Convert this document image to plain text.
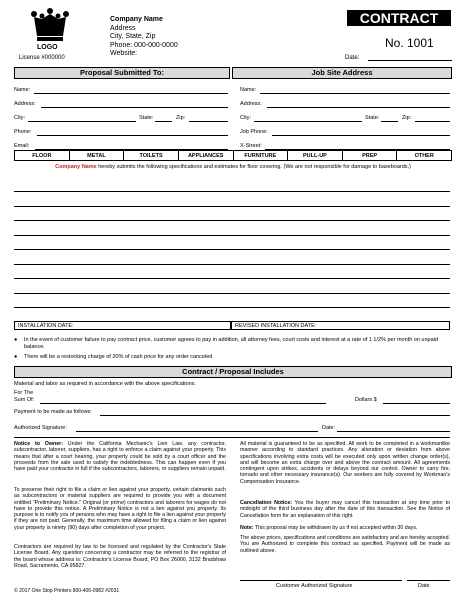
LOGO
License #000000
Company Name
Address
City, State, Zip
Phone: 000-000-0000
Website:
CONTRACT
No. 1001
Date:
Proposal Submitted To:	Job Site Address
Name:
Address:
City:	State:	Zip:
Phone:
Email:
Name:
Address:
City:	State:	Zip:
Job Phone:
X-Street:
FLOOR	METAL	TOILETS	APPLIANCES	FURNITURE	PULL-UP	PREP	OTHER
Company Name hereby submits the following specifications and estimates for floor covering. (We are not responsible for damage to baseboards.)
INSTALLATION DATE:	REVISED INSTALLATION DATE:
● In the event of customer failure to pay contract price, customer agrees to pay in addition, all attorney fees, court costs and interest at a rate of 1 1/2% per month on unpaid balance.
● There will be a restocking charge of 20% of cash price for any order canceled
Contract / Proposal Includes
Material and labor as required in accordance with the above specifications.
For The
Sum Of:	Dollars $
Payment to be made as follows:
Authorized Signature:	Date:
Notice to Owner: Under the California Mechanic's Lien Law, any contractor, subcontractor, laborer, suppliers, has a right to enforce a claim against your property. This means that after a court hearing, your property could be sold by a court officer and the proceeds from the sale used to satisfy the indebtedness. This can happen even if you have paid your contractor in full if the subcontractors, laborers, or suppliers remain unpaid.
To preserve their right to file a claim or lien against your property, certain claimants such as subcontractors or material suppliers are required to provide you with a document entitled "Preliminary Notice." Original (or prime) contractors and laborers for wages do not have to provide this notice. A Preliminary Notice is not a lien against you property. Its purpose is to notify you of persons who may have a right to file a lien against your property if they are not paid. Generally, the maximum time allowed for filing a claim or lien against your property is ninety (90) days after completion of your project.
Contractors are required by law to be licensed and regulated by the Contractor's State License Board. Any question concerning a contractor may be referred to the registrar of the board whose address is: Contractor's License Board, PO Box 26000, 3132 Bradshaw Road, Sacramento, CA 95827.
All material is guaranteed to be as specified. All work to be completed in a workmanlike manner according to standard practices. Any alteration or deviation from above specifications involving extra costs will be executed only upon written change order(s), and will become an extra charge over and above the contract amount. All agreements contingent upon strikes, accidents or delays beyond our control. Owner to carry fire, tornado and other necessary insurance(s). Our workers are fully covered by Workman's Compensation Insurance.
Cancellation Notice: You the buyer may cancel this transaction at any time prior to midnight of the third business day after the date of this transaction. See the Notice of Cancellation form for an explanation of this right.
Note: This proposal may be withdrawn by us if not accepted within 30 days.
The above prices, specifications and conditions are satisfactory and are hereby accepted. You are Authorized to complete this contract as specified. Payment will be made as outlined above.
Customer Authorized Signature	Date
© 2017 One Stop Printers 800-406-0982 #2031
